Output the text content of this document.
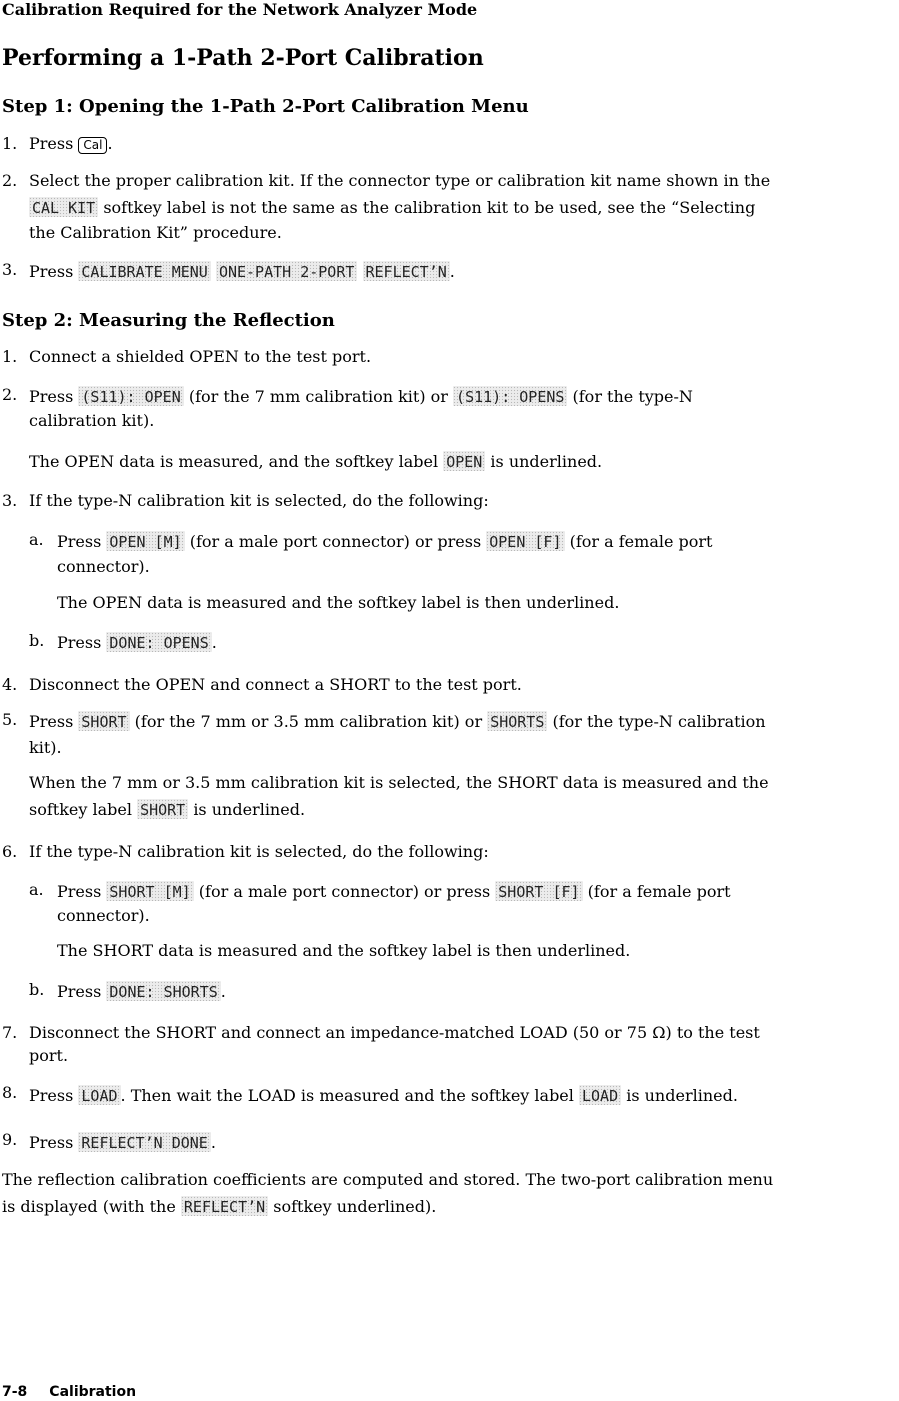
Calibration Required for the Network Analyzer Mode
Performing a 1-Path 2-Port Calibration
Step 1: Opening the 1-Path 2-Port Calibration Menu
1. Press Cal .
2. Select the proper calibration kit. If the connector type or calibration kit name shown in the
CAL KIT softkey label is not the same as the calibration kit to be used, see the “Selecting
the Calibration Kit” procedure.
3. Press CALIBRATE MENU ONE-PATH 2-PORT REFLECT’N .
Step 2: Measuring the Reflection
1. Connect a shielded OPEN to the test port.
2. Press (S11): OPEN (for the 7 mm calibration kit) or (S11): OPENS (for the type-N
calibration kit).
The OPEN data is measured, and the softkey label OPEN is underlined.
3. If the type-N calibration kit is selected, do the following:
a. Press OPEN [M] (for a male port connector) or press OPEN [F] (for a female port
connector).
The OPEN data is measured and the softkey label is then underlined.
b. Press DONE: OPENS .
4. Disconnect the OPEN and connect a SHORT to the test port.
5. Press SHORT (for the 7 mm or 3.5 mm calibration kit) or SHORTS (for the type-N calibration
kit).
When the 7 mm or 3.5 mm calibration kit is selected, the SHORT data is measured and the
softkey label SHORT is underlined.
6. If the type-N calibration kit is selected, do the following:
a. Press SHORT [M] (for a male port connector) or press SHORT [F] (for a female port
connector).
The SHORT data is measured and the softkey label is then underlined.
b. Press DONE: SHORTS .
7. Disconnect the SHORT and connect an impedance-matched LOAD (50 or 75 Ω) to the test
port.
8. Press LOAD . Then wait the LOAD is measured and the softkey label LOAD is underlined.
9. Press REFLECT’N DONE .
The reflection calibration coefficients are computed and stored. The two-port calibration menu
is displayed (with the REFLECT’N softkey underlined).
7-8 Calibration
